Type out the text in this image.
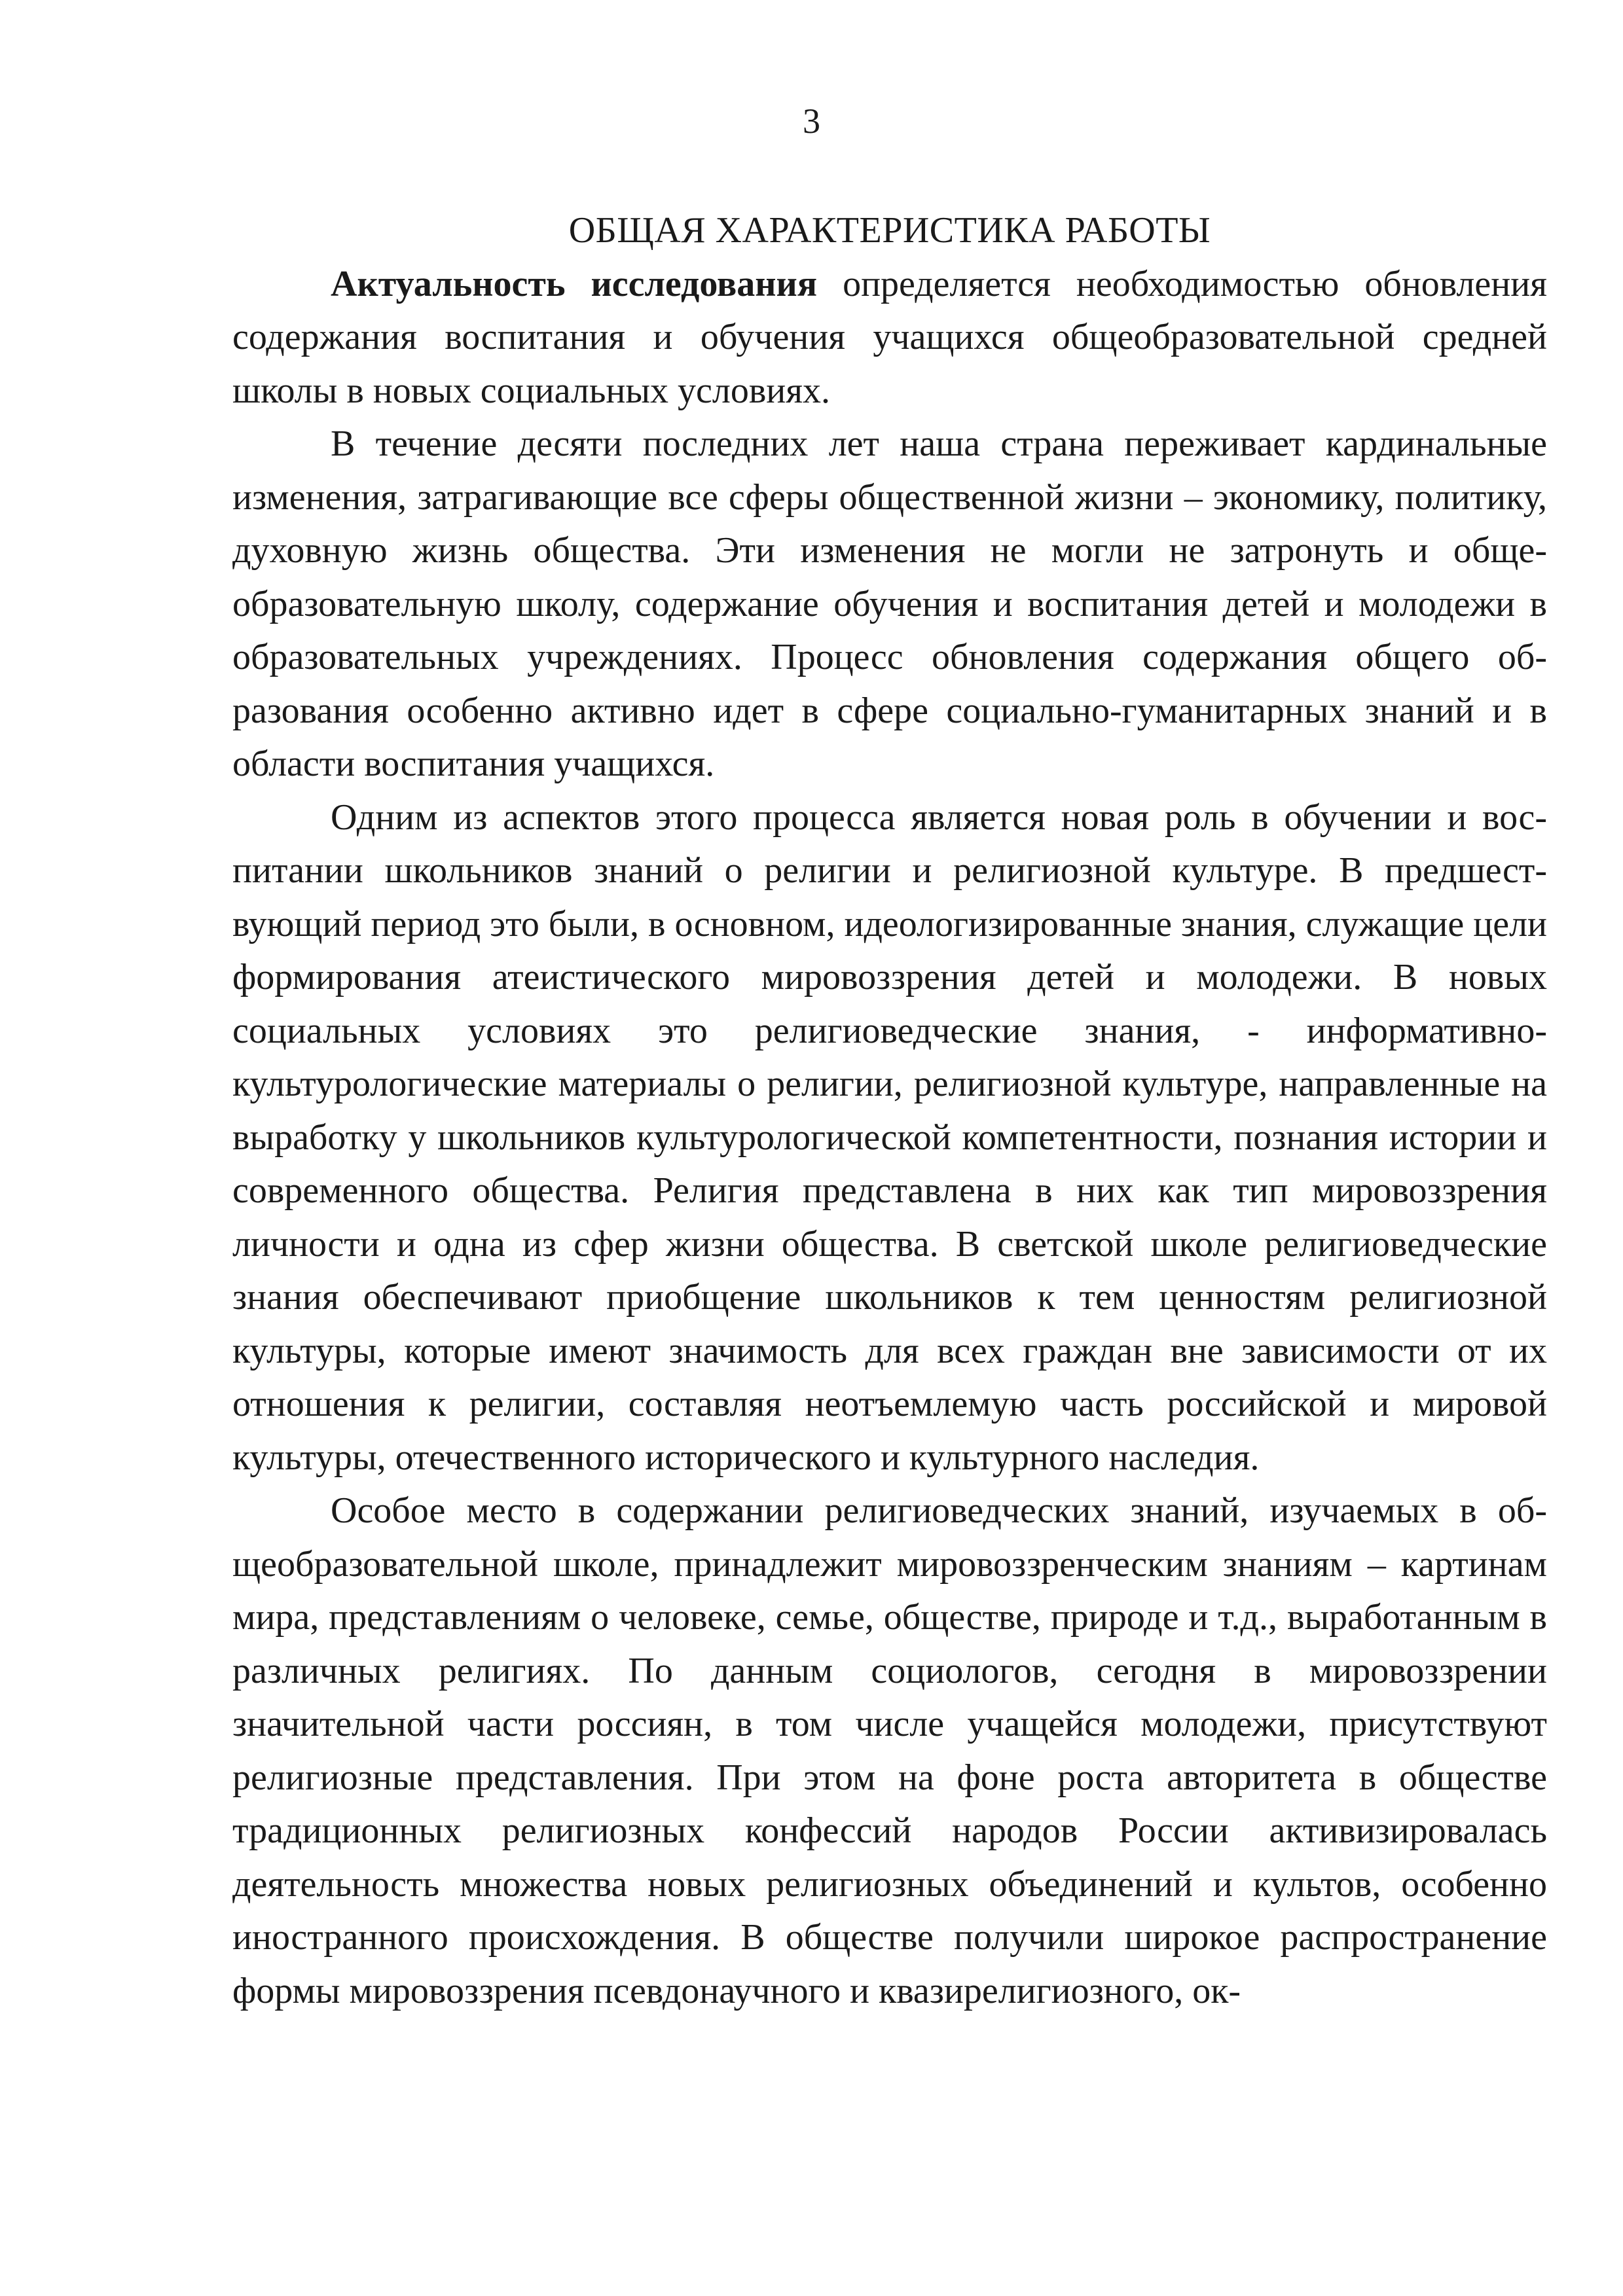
3
ОБЩАЯ ХАРАКТЕРИСТИКА РАБОТЫ

Актуальность исследования определяется необходимостью обновления содержания воспитания и обучения учащихся общеобразовательной средней школы в новых социальных условиях.

В течение десяти последних лет наша страна переживает кардинальные изменения, затрагивающие все сферы общественной жизни – экономику, политику, духовную жизнь общества. Эти изменения не могли не затронуть и общеобразовательную школу, содержание обучения и воспитания детей и молодежи в образовательных учреждениях. Процесс обновления содержания общего образования особенно активно идет в сфере социально-гуманитарных знаний и в области воспитания учащихся.

Одним из аспектов этого процесса является новая роль в обучении и воспитании школьников знаний о религии и религиозной культуре. В предшествующий период это были, в основном, идеологизированные знания, служащие цели формирования атеистического мировоззрения детей и молодежи. В новых социальных условиях это религиоведческие знания, - информативно-культурологические материалы о религии, религиозной культуре, направленные на выработку у школьников культурологической компетентности, познания истории и современного общества. Религия представлена в них как тип мировоззрения личности и одна из сфер жизни общества. В светской школе религиоведческие знания обеспечивают приобщение школьников к тем ценностям религиозной культуры, которые имеют значимость для всех граждан вне зависимости от их отношения к религии, составляя неотъемлемую часть российской и мировой культуры, отечественного исторического и культурного наследия.

Особое место в содержании религиоведческих знаний, изучаемых в общеобразовательной школе, принадлежит мировоззренческим знаниям – картинам мира, представлениям о человеке, семье, обществе, природе и т.д., выработанным в различных религиях. По данным социологов, сегодня в мировоззрении значительной части россиян, в том числе учащейся молодежи, присутствуют религиозные представления. При этом на фоне роста авторитета в обществе традиционных религиозных конфессий народов России активизировалась деятельность множества новых религиозных объединений и культов, особенно иностранного происхождения. В обществе получили широкое распространение формы мировоззрения псевдонаучного и квазирелигиозного, ок-
